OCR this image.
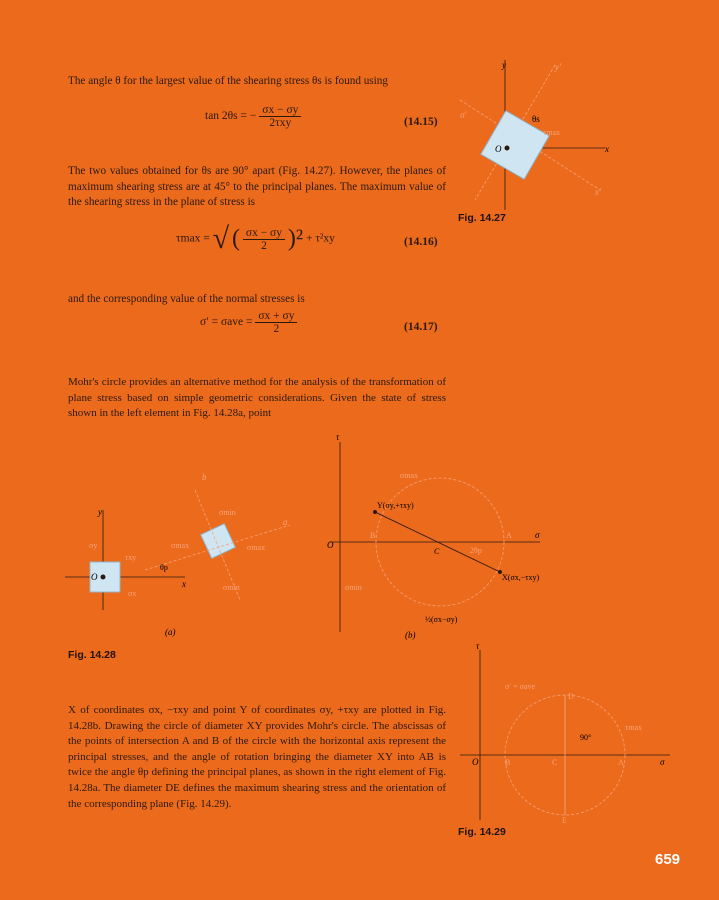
The angle θ for the largest value of the shearing stress θs is found using
tan 2θs = − $\frac{\sigma x - \sigma y}{\text{2τxy}}$	(14.15)
The two values obtained for θs are 90° apart (Fig. 14.27). However, the planes of maximum shearing stress are at 45° to the principal planes. The maximum value of the shearing stress in the plane of stress is
τmax = √ ( $\frac{\sigma x - \sigma y}{2} )^2 + \tau^2xy$	(14.16)
and the corresponding value of the normal stresses is
$\sigma' = \sigma ave = \frac{\sigma x + \sigma y}{2}$	(14.17)
Mohr's circle provides an alternative method for the analysis of the transformation of plane stress based on simple geometric considerations. Given the state of stress shown in the left element in Fig. 14.28a, point
X of coordinates σx, −τxy and point Y of coordinates σy, +τxy are plotted in Fig. 14.28b. Drawing the circle of diameter XY provides Mohr's circle. The abscissas of the points of intersection A and B of the circle with the horizontal axis represent the principal stresses, and the angle of rotation bringing the diameter XY into AB is twice the angle θp defining the principal planes, as shown in the right element of Fig. 14.28a. The diameter DE defines the maximum shearing stress and the orientation of the corresponding plane (Fig. 14.29).
y	y′
x
x′
O
σ′	θs
τmax
Fig. 14.27
y
x
O
b
a
σy
σx
τxy
θp
σmin
σmax	σmax
σmin
(a)
τ
σ
Y(σy,+τxy)
X(σx,−τxy)
C
A
B
2θp
½(σx−σy)
σmax
σmin
O
(b)
Fig. 14.28
τ
σ
σ′ = σave
D
E
C	A
B
O
90°
τmax
Fig. 14.29
659
